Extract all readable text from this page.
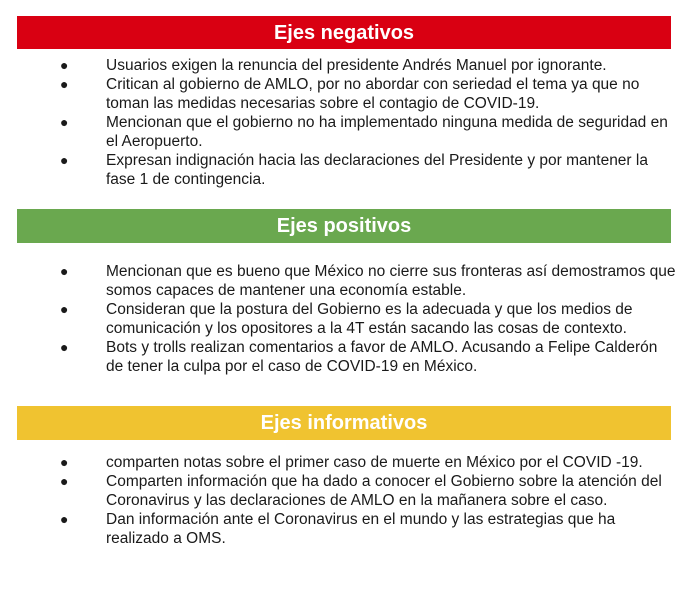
Ejes negativos
● Usuarios exigen la renuncia del presidente Andrés Manuel por ignorante.
● Critican al gobierno de AMLO, por no abordar con seriedad el tema ya que no toman las medidas necesarias sobre el contagio de COVID-19.
● Mencionan que el gobierno no ha implementado ninguna medida de seguridad en el Aeropuerto.
● Expresan indignación hacia las declaraciones del Presidente y por mantener la fase 1 de contingencia.
Ejes positivos
● Mencionan que es bueno que México no cierre sus fronteras así demostramos que somos capaces de mantener una economía estable.
● Consideran que la postura del Gobierno es la adecuada y que los medios de comunicación y los opositores a la 4T están sacando las cosas de contexto.
● Bots y trolls realizan comentarios a favor de AMLO. Acusando a Felipe Calderón de tener la culpa por el caso de COVID-19 en México.
Ejes informativos
● comparten notas sobre el primer caso de muerte en México por el COVID -19.
● Comparten información que ha dado a conocer el Gobierno sobre la atención del Coronavirus y las declaraciones de AMLO en la mañanera sobre el caso.
● Dan información ante el Coronavirus en el mundo y las estrategias que ha realizado a OMS.
